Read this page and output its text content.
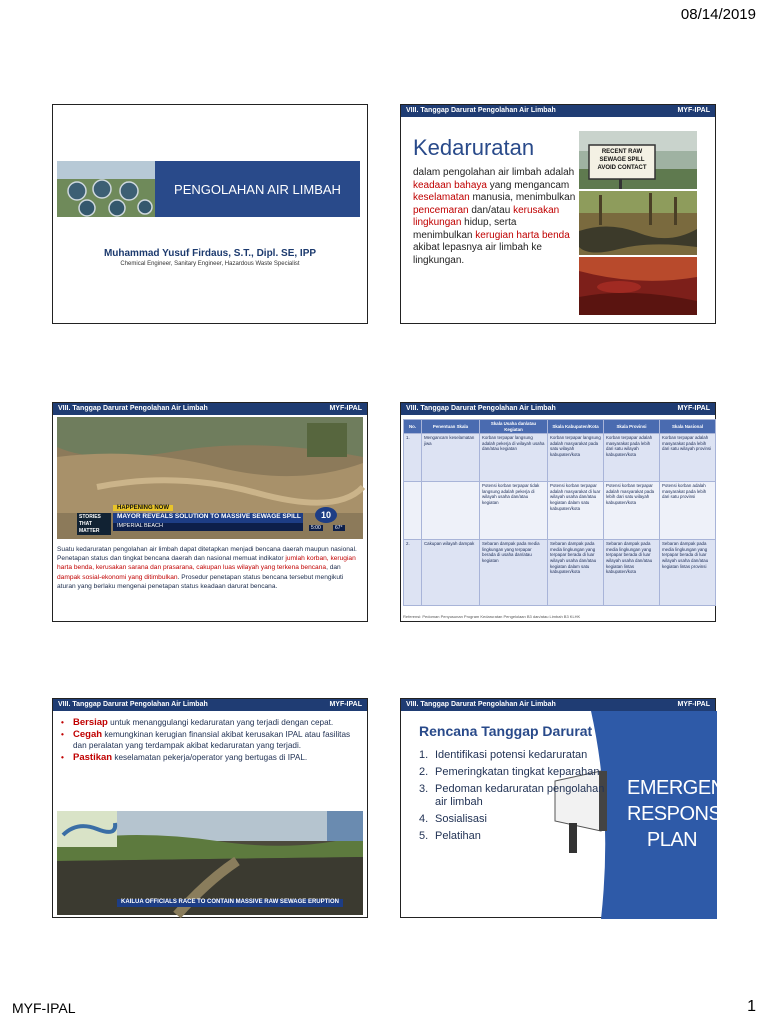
08/14/2019
PENGOLAHAN AIR LIMBAH
Muhammad Yusuf Firdaus, S.T., Dipl. SE, IPP
Chemical Engineer, Sanitary Engineer, Hazardous Waste Specialist
VIII. Tanggap Darurat Pengolahan Air Limbah	MYF-IPAL
Kedaruratan
dalam pengolahan air limbah adalah keadaan bahaya yang mengancam keselamatan manusia, menimbulkan pencemaran dan/atau kerusakan lingkungan hidup, serta menimbulkan kerugian harta benda akibat lepasnya air limbah ke lingkungan.
RECENT RAW
SEWAGE SPILL
AVOID CONTACT
VIII. Tanggap Darurat Pengolahan Air Limbah	MYF-IPAL
STORIES THAT MATTER
HAPPENING NOW
MAYOR REVEALS SOLUTION TO MASSIVE SEWAGE SPILL
IMPERIAL BEACH
10
5:00	67°
Suatu kedaruratan pengolahan air limbah dapat ditetapkan menjadi bencana daerah maupun nasional. Penetapan status dan tingkat bencana daerah dan nasional memuat indikator jumlah korban, kerugian harta benda, kerusakan sarana dan prasarana, cakupan luas wilayah yang terkena bencana, dan dampak sosial-ekonomi yang ditimbulkan. Prosedur penetapan status bencana tersebut mengikuti aturan yang berlaku mengenai penetapan status keadaan darurat bencana.
VIII. Tanggap Darurat Pengolahan Air Limbah	MYF-IPAL
No.	Penentuan Skala	Skala Usaha dan/atau Kegiatan	Skala Kabupaten/Kota	Skala Provinsi	Skala Nasional
1.	Mengancam keselamatan jiwa	Korban terpapar langsung adalah pekerja di wilayah usaha dan/atau kegiatan	Korban terpapar langsung adalah masyarakat pada satu wilayah kabupaten/kota	Korban terpapar adalah masyarakat pada lebih dari satu wilayah kabupaten/kota	Korban terpapar adalah masyarakat pada lebih dari satu wilayah provinsi
		Potensi korban terpapar tidak langsung adalah pekerja di wilayah usaha dan/atau kegiatan	Potensi korban terpapar adalah masyarakat di luar wilayah usaha dan/atau kegiatan dalam satu kabupaten/kota	Potensi korban terpapar adalah masyarakat pada lebih dari satu wilayah kabupaten/kota	Potensi korban adalah masyarakat pada lebih dari satu provinsi
2.	Cakupan wilayah dampak	Sebaran dampak pada media lingkungan yang terpapar berada di usaha dan/atau kegiatan	Sebaran dampak pada media lingkungan yang terpapar berada di luar wilayah usaha dan/atau kegiatan dalam satu kabupaten/kota	Sebaran dampak pada media lingkungan yang terpapar berada di luar wilayah usaha dan/atau kegiatan lintas kabupaten/kota	Sebaran dampak pada media lingkungan yang terpapar berada di luar wilayah usaha dan/atau kegiatan lintas provinsi
Referensi: Pedoman Penyusunan Program Kedaruratan Pengelolaan B3 dan/atau Limbah B3 KLHK
VIII. Tanggap Darurat Pengolahan Air Limbah	MYF-IPAL
• Bersiap untuk menanggulangi kedaruratan yang terjadi dengan cepat.
• Cegah kemungkinan kerugian finansial akibat kerusakan IPAL atau fasilitas dan peralatan yang terdampak akibat kedaruratan yang terjadi.
• Pastikan keselamatan pekerja/operator yang bertugas di IPAL.
KAILUA OFFICIALS RACE TO CONTAIN MASSIVE RAW SEWAGE ERUPTION
VIII. Tanggap Darurat Pengolahan Air Limbah	MYF-IPAL
EMERGENCY
RESPONSE
PLAN
Rencana Tanggap Darurat
1. Identifikasi potensi kedaruratan
2. Pemeringkatan tingkat keparahan
3. Pedoman kedaruratan pengolahan air limbah
4. Sosialisasi
5. Pelatihan
MYF-IPAL	1
